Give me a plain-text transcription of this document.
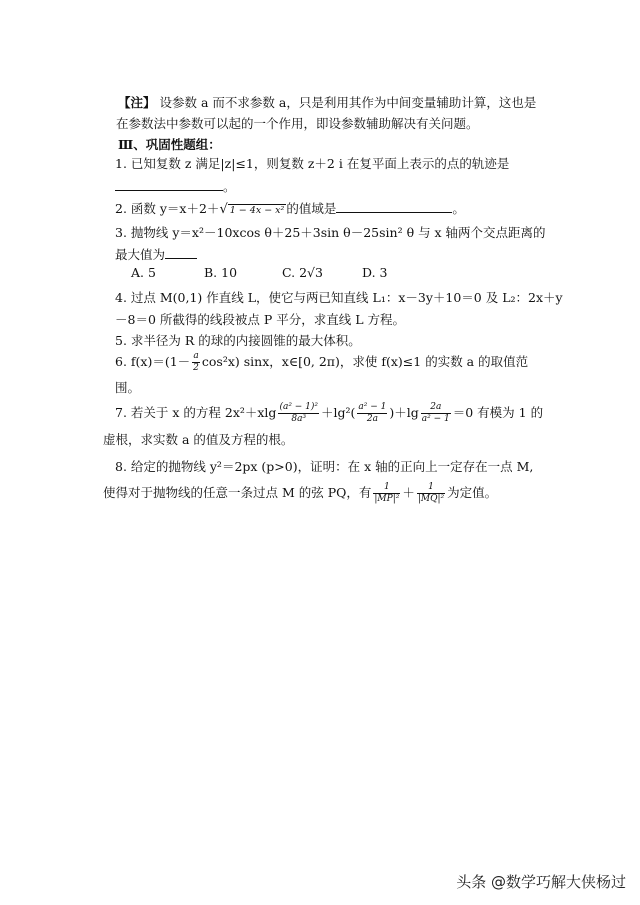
【注】 设参数 a 而不求参数 a，只是利用其作为中间变量辅助计算，这也是
在参数法中参数可以起的一个作用，即设参数辅助解决有关问题。
Ⅲ、巩固性题组：
1. 已知复数 z 满足|z|≤1，则复数 z＋2 i 在复平面上表示的点的轨迹是
。
2. 函数 y＝x＋2＋√ 1 − 4x − x² 的值域是	。
3. 抛物线 y＝x²－10xcos θ＋25＋3sin θ－25sin² θ 与 x 轴两个交点距离的
最大值为
A. 5	B. 10	C. 2√3	D. 3
4. 过点 M(0,1) 作直线 L，使它与两已知直线 L₁：x－3y＋10＝0 及 L₂：2x＋y
－8＝0 所截得的线段被点 P 平分，求直线 L 方程。
5. 求半径为 R 的球的内接圆锥的最大体积。
6. $f(x)=(1- \frac{a}{2} \cos^2x)$ sinx，x∈[0, 2π)，求使 f(x)≤1 的实数 a 的取值范
围。
7. 若关于 x 的方程 $2x^2+xlg \frac{\text{(a² − 1)²}}{\text{8a³}} +\lg^2( \frac{\text{a² − 1}}{2a} )+\lg \frac{2a}{\text{a² − 1}} =0$ 有模为 1 的
虚根，求实数 a 的值及方程的根。
8. 给定的抛物线 y²＝2px (p>0)，证明：在 x 轴的正向上一定存在一点 M,
使得对于抛物线的任意一条过点 M 的弦 PQ，有 $\frac{1}{\text{|MP|²}} + \frac{1}{\text{|MQ|²}}$ 为定值。
头条 @数学巧解大侠杨过
